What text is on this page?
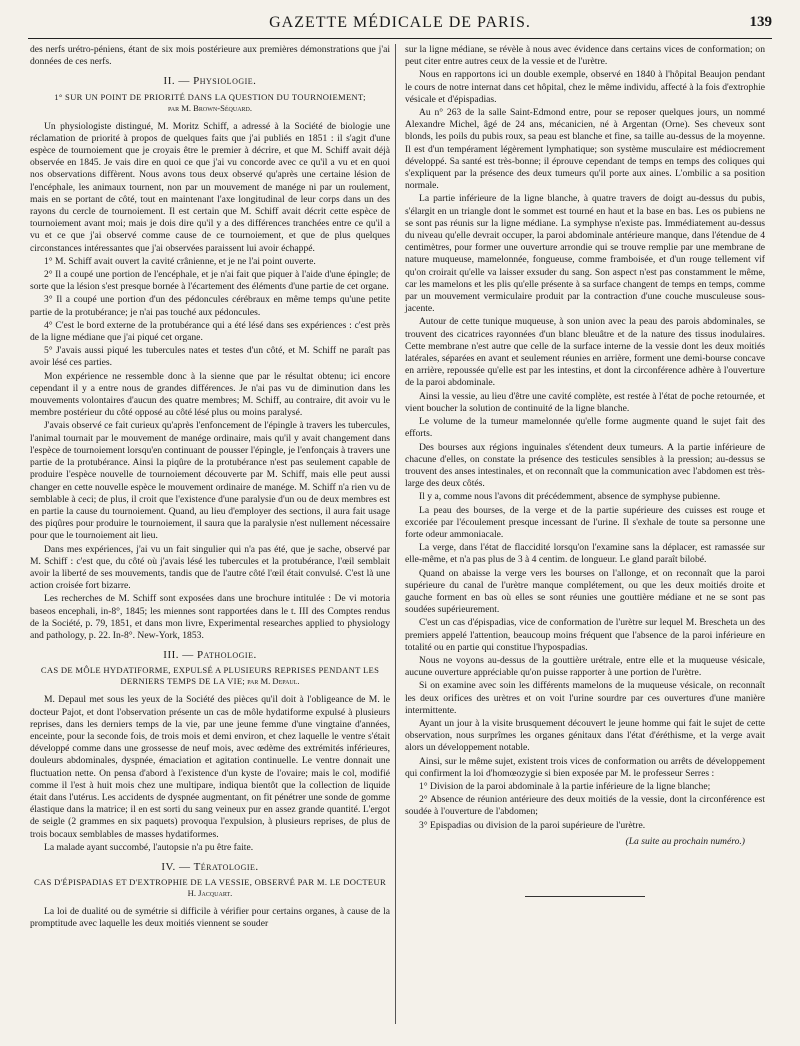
GAZETTE MÉDICALE DE PARIS.	139

des nerfs urétro-péniens, étant de six mois postérieure aux premières démonstrations que j'ai données de ces nerfs.

II. — Physiologie.
1° SUR UN POINT DE PRIORITÉ DANS LA QUESTION DU TOURNOIEMENT;
par M. Brown-Séquard.

Un physiologiste distingué, M. Moritz Schiff, a adressé à la Société de biologie une réclamation de priorité à propos de quelques faits que j'ai publiés en 1851 : il s'agit d'une espèce de tournoiement que je croyais être le premier à décrire, et que M. Schiff avait déjà observée en 1845. Je vais dire en quoi ce que j'ai vu concorde avec ce qu'il a vu et en quoi nos observations diffèrent. Nous avons tous deux observé qu'après une certaine lésion de l'encéphale, les animaux tournent, non par un mouvement de manége ni par un roulement, mais en se portant de côté, tout en maintenant l'axe longitudinal de leur corps dans un des rayons du cercle de tournoiement. Il est certain que M. Schiff avait décrit cette espèce de tournoiement avant moi; mais je dois dire qu'il y a des différences tranchées entre ce qu'il a vu et ce que j'ai observé comme cause de ce tournoiement, et que de plus quelques circonstances intéressantes que j'ai observées paraissent lui avoir échappé.

1° M. Schiff avait ouvert la cavité crânienne, et je ne l'ai point ouverte.

2° Il a coupé une portion de l'encéphale, et je n'ai fait que piquer à l'aide d'une épingle; de sorte que la lésion s'est presque bornée à l'écartement des éléments d'une partie de cet organe.

3° Il a coupé une portion d'un des pédoncules cérébraux en même temps qu'une petite partie de la protubérance; je n'ai pas touché aux pédoncules.

4° C'est le bord externe de la protubérance qui a été lésé dans ses expériences : c'est près de la ligne médiane que j'ai piqué cet organe.

5° J'avais aussi piqué les tubercules nates et testes d'un côté, et M. Schiff ne paraît pas avoir lésé ces parties.

Mon expérience ne ressemble donc à la sienne que par le résultat obtenu; ici encore cependant il y a entre nous de grandes différences. Je n'ai pas vu de diminution dans les mouvements volontaires d'aucun des quatre membres; M. Schiff, au contraire, dit avoir vu le membre postérieur du côté opposé au côté lésé plus ou moins paralysé.

J'avais observé ce fait curieux qu'après l'enfoncement de l'épingle à travers les tubercules, l'animal tournait par le mouvement de manége ordinaire, mais qu'il y avait changement dans l'espèce de tournoiement lorsqu'en continuant de pousser l'épingle, je l'enfonçais à travers une partie de la protubérance. Ainsi la piqûre de la protubérance n'est pas seulement capable de produire l'espèce nouvelle de tournoiement découverte par M. Schiff, mais elle peut aussi changer en cette nouvelle espèce le mouvement ordinaire de manége. M. Schiff n'a rien vu de semblable à ceci; de plus, il croit que l'existence d'une paralysie d'un ou de deux membres est en partie la cause du tournoiement. Quand, au lieu d'employer des sections, il aura fait usage des piqûres pour produire le tournoiement, il saura que la paralysie n'est nullement nécessaire pour que le tournoiement ait lieu.

Dans mes expériences, j'ai vu un fait singulier qui n'a pas été, que je sache, observé par M. Schiff : c'est que, du côté où j'avais lésé les tubercules et la protubérance, l'œil semblait avoir la liberté de ses mouvements, tandis que de l'autre côté l'œil était convulsé. C'est là une action croisée fort bizarre.

Les recherches de M. Schiff sont exposées dans une brochure intitulée : De vi motoria baseos encephali, in-8°, 1845; les miennes sont rapportées dans le t. III des Comptes rendus de la Société, p. 79, 1851, et dans mon livre, Experimental researches applied to physiology and pathology, p. 22. In-8°. New-York, 1853.

III. — Pathologie.
CAS DE MÔLE HYDATIFORME, EXPULSÉ A PLUSIEURS REPRISES PENDANT LES DERNIERS TEMPS DE LA VIE; par M. Depaul.

M. Depaul met sous les yeux de la Société des pièces qu'il doit à l'obligeance de M. le docteur Pajot, et dont l'observation présente un cas de môle hydatiforme expulsé à plusieurs reprises, dans les derniers temps de la vie, par une jeune femme d'une vingtaine d'années, enceinte, pour la seconde fois, de trois mois et demi environ, et chez laquelle le ventre s'était développé comme dans une grossesse de neuf mois, avec œdème des extrémités inférieures, douleurs abdominales, dyspnée, émaciation et agitation continuelle. Le ventre donnait une fluctuation nette. On pensa d'abord à l'existence d'un kyste de l'ovaire; mais le col, modifié comme il l'est à huit mois chez une multipare, indiqua bientôt que la collection de liquide était dans l'utérus. Les accidents de dyspnée augmentant, on fit pénétrer une sonde de gomme élastique dans la matrice; il en est sorti du sang veineux pur en assez grande quantité. L'ergot de seigle (2 grammes en six paquets) provoqua l'expulsion, à plusieurs reprises, de plus de trois bocaux semblables de masses hydatiformes.

La malade ayant succombé, l'autopsie n'a pu être faite.

IV. — Tératologie.
CAS D'ÉPISPADIAS ET D'EXTROPHIE DE LA VESSIE, OBSERVÉ PAR M. LE DOCTEUR
H. Jacquart.

La loi de dualité ou de symétrie si difficile à vérifier pour certains organes, à cause de la promptitude avec laquelle les deux moitiés viennent se souder

sur la ligne médiane, se révèle à nous avec évidence dans certains vices de conformation; on peut citer entre autres ceux de la vessie et de l'urètre.

Nous en rapportons ici un double exemple, observé en 1840 à l'hôpital Beaujon pendant le cours de notre internat dans cet hôpital, chez le même individu, affecté à la fois d'extrophie vésicale et d'épispadias.

Au n° 263 de la salle Saint-Edmond entre, pour se reposer quelques jours, un nommé Alexandre Michel, âgé de 24 ans, mécanicien, né à Argentan (Orne). Ses cheveux sont blonds, les poils du pubis roux, sa peau est blanche et fine, sa taille au-dessus de la moyenne. Il est d'un tempérament légèrement lymphatique; son système musculaire est médiocrement développé. Sa santé est très-bonne; il éprouve cependant de temps en temps des coliques qui s'expliquent par la présence des deux tumeurs qu'il porte aux aines. L'ombilic a sa position normale.

La partie inférieure de la ligne blanche, à quatre travers de doigt au-dessus du pubis, s'élargit en un triangle dont le sommet est tourné en haut et la base en bas. Les os pubiens ne se sont pas réunis sur la ligne médiane. La symphyse n'existe pas. Immédiatement au-dessus du niveau qu'elle devrait occuper, la paroi abdominale antérieure manque, dans l'étendue de 4 centimètres, pour former une ouverture arrondie qui se trouve remplie par une membrane de nature muqueuse, mamelonnée, fongueuse, comme framboisée, et d'un rouge tellement vif qu'on croirait qu'elle va laisser exsuder du sang. Son aspect n'est pas constamment le même, car les mamelons et les plis qu'elle présente à sa surface changent de temps en temps, comme par un mouvement vermiculaire produit par la contraction d'une couche musculeuse sous-jacente.

Autour de cette tunique muqueuse, à son union avec la peau des parois abdominales, se trouvent des cicatrices rayonnées d'un blanc bleuâtre et de la nature des tissus inodulaires. Cette membrane n'est autre que celle de la surface interne de la vessie dont les deux moitiés latérales, séparées en avant et seulement réunies en arrière, forment une demi-bourse concave en arrière, repoussée qu'elle est par les intestins, et dont la circonférence adhère à l'ouverture de la paroi abdominale.

Ainsi la vessie, au lieu d'être une cavité complète, est restée à l'état de poche retournée, et vient boucher la solution de continuité de la ligne blanche.

Le volume de la tumeur mamelonnée qu'elle forme augmente quand le sujet fait des efforts.

Des bourses aux régions inguinales s'étendent deux tumeurs. A la partie inférieure de chacune d'elles, on constate la présence des testicules sensibles à la pression; au-dessus se trouvent des anses intestinales, et on reconnaît que la communication avec l'abdomen est très-large des deux côtés.

Il y a, comme nous l'avons dit précédemment, absence de symphyse pubienne.

La peau des bourses, de la verge et de la partie supérieure des cuisses est rouge et excoriée par l'écoulement presque incessant de l'urine. Il s'exhale de toute sa personne une forte odeur ammoniacale.

La verge, dans l'état de flaccidité lorsqu'on l'examine sans la déplacer, est ramassée sur elle-même, et n'a pas plus de 3 à 4 centim. de longueur. Le gland paraît bilobé.

Quand on abaisse la verge vers les bourses on l'allonge, et on reconnaît que la paroi supérieure du canal de l'urètre manque complétement, ou que les deux moitiés droite et gauche forment en bas où elles se sont réunies une gouttière médiane et ne se sont pas soudées supérieurement.

C'est un cas d'épispadias, vice de conformation de l'urètre sur lequel M. Brescheta un des premiers appelé l'attention, beaucoup moins fréquent que l'absence de la paroi inférieure en totalité ou en partie qui constitue l'hypospadias.

Nous ne voyons au-dessus de la gouttière urétrale, entre elle et la muqueuse vésicale, aucune ouverture appréciable qu'on puisse rapporter à une portion de l'urètre.

Si on examine avec soin les différents mamelons de la muqueuse vésicale, on reconnaît les deux orifices des urètres et on voit l'urine sourdre par ces ouvertures d'une manière intermittente.

Ayant un jour à la visite brusquement découvert le jeune homme qui fait le sujet de cette observation, nous surprîmes les organes génitaux dans l'état d'éréthisme, et la verge avait alors un développement notable.

Ainsi, sur le même sujet, existent trois vices de conformation ou arrêts de développement qui confirment la loi d'homœozygie si bien exposée par M. le professeur Serres :

1° Division de la paroi abdominale à la partie inférieure de la ligne blanche;

2° Absence de réunion antérieure des deux moitiés de la vessie, dont la circonférence est soudée à l'ouverture de l'abdomen;

3° Epispadias ou division de la paroi supérieure de l'urètre.

(La suite au prochain numéro.)
